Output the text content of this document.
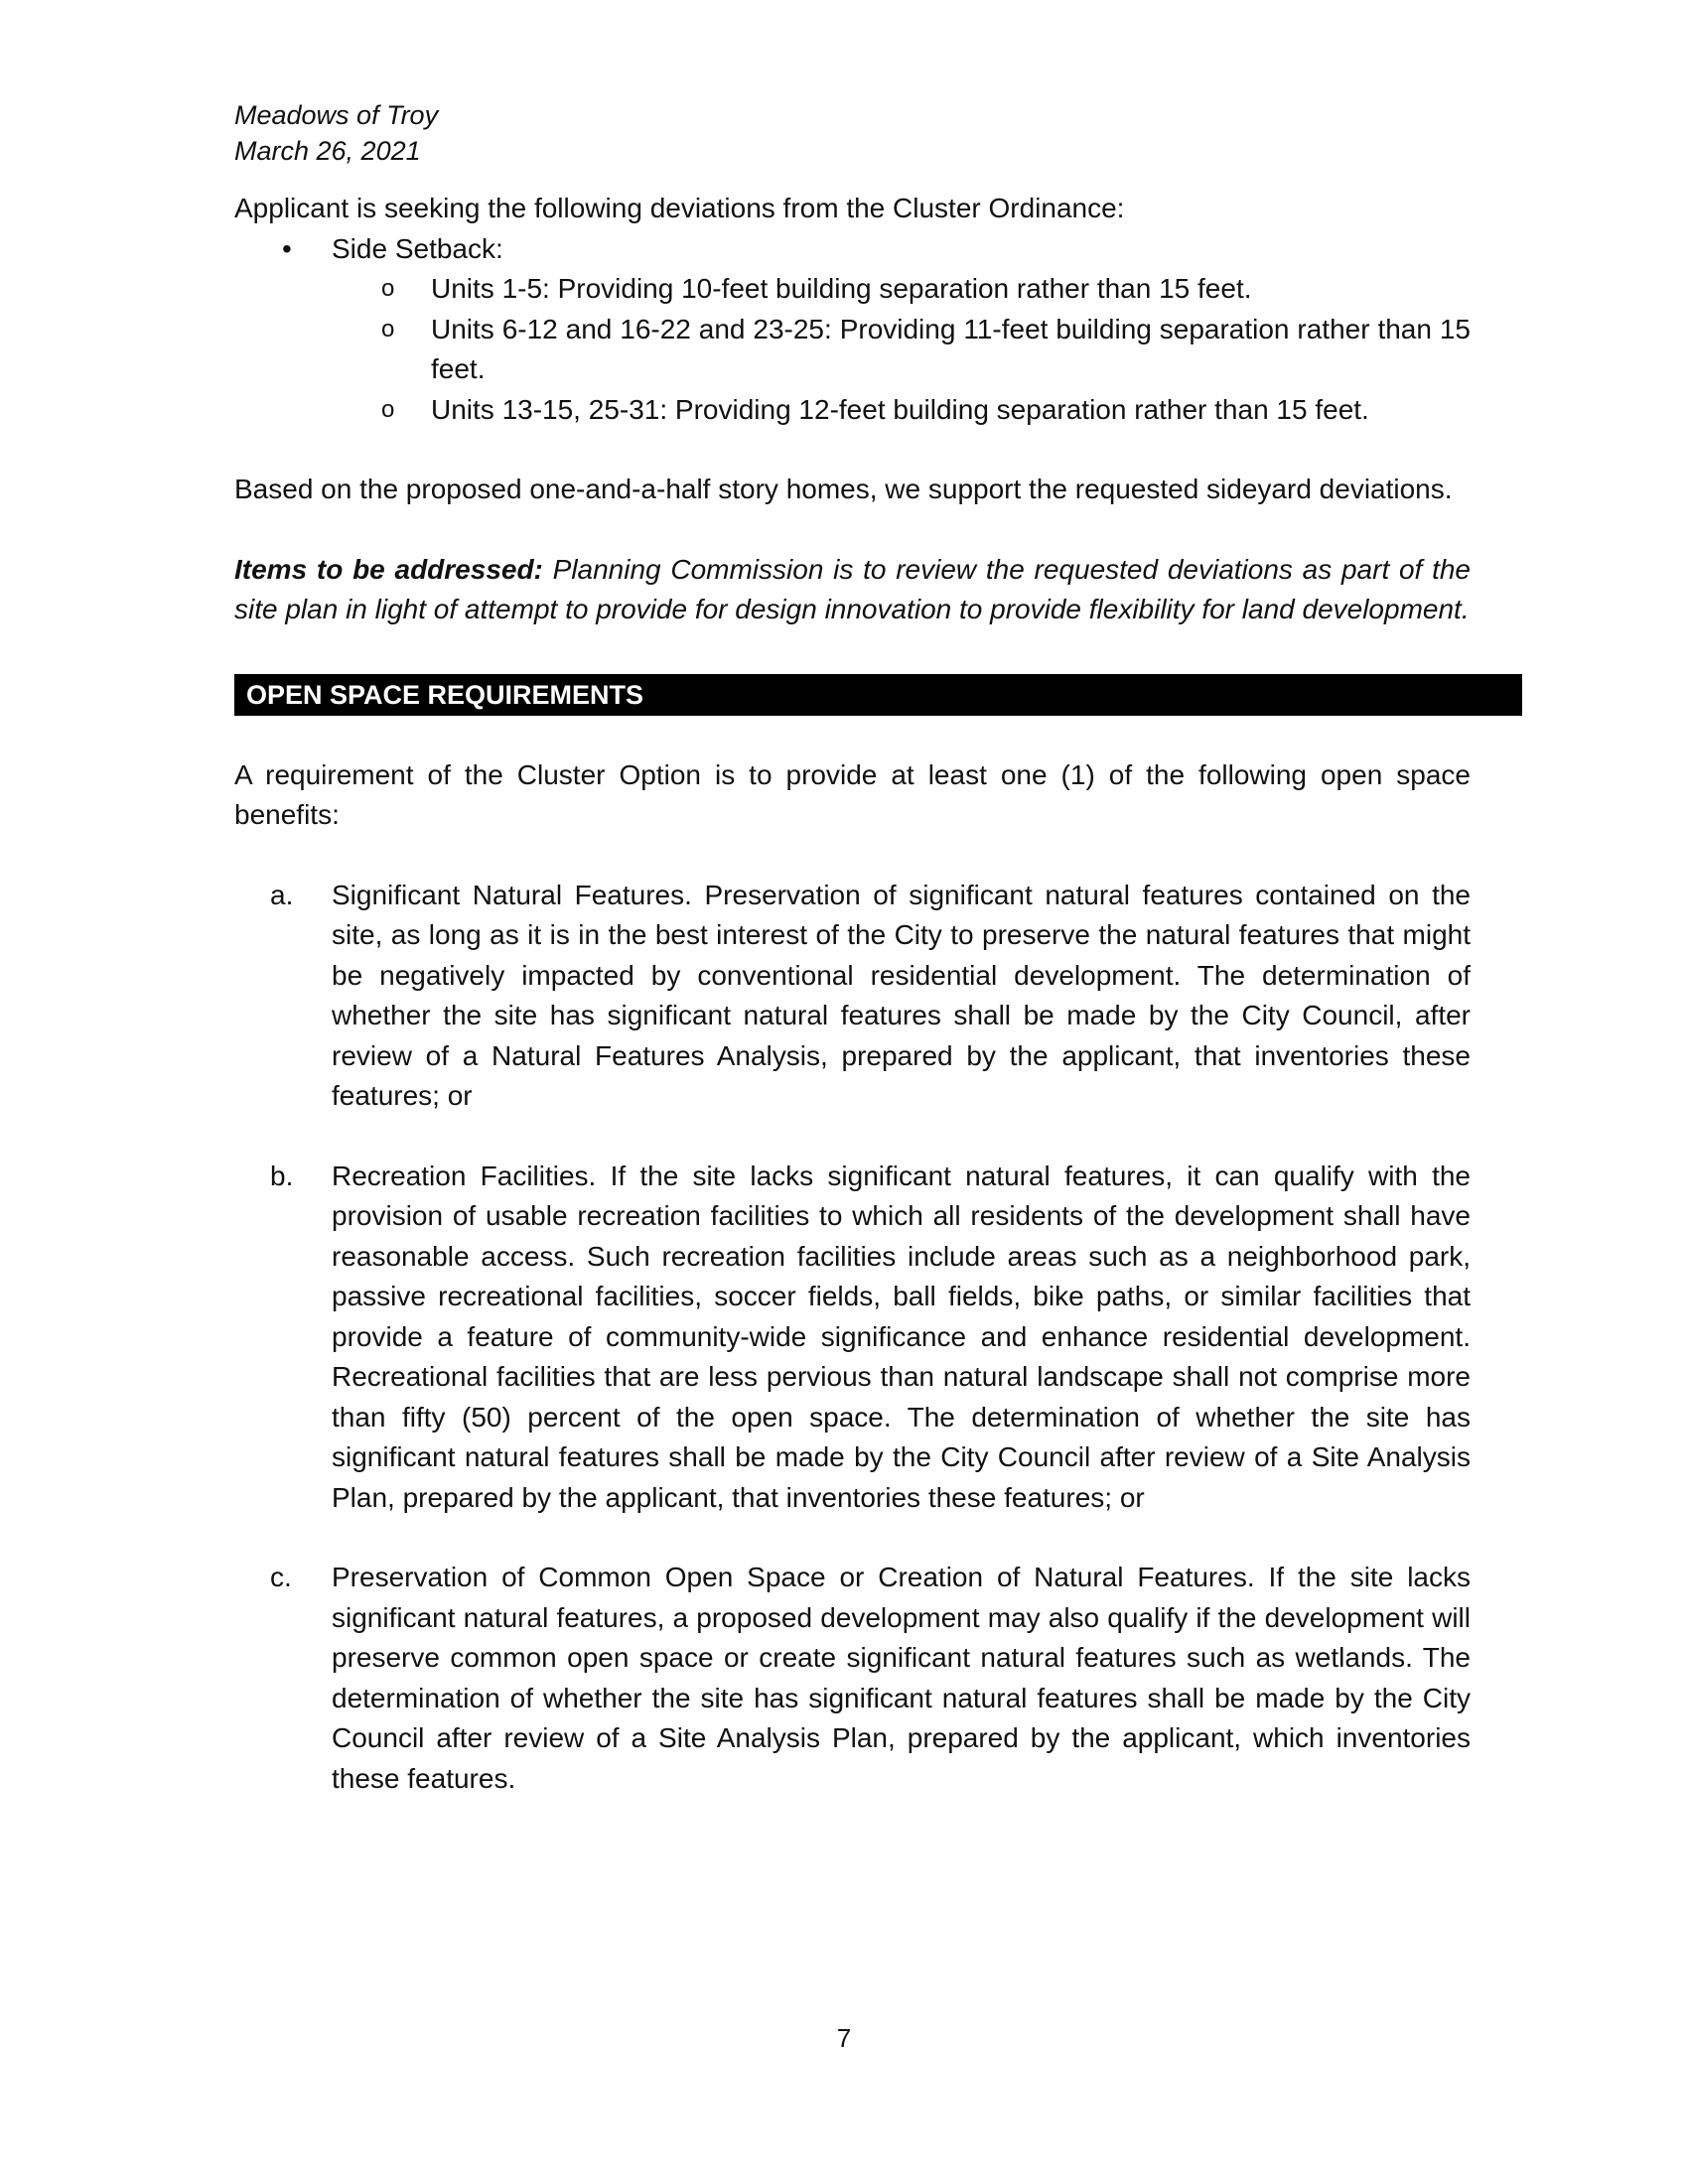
Meadows of Troy

March 26, 2021

Applicant is seeking the following deviations from the Cluster Ordinance:

• Side Setback:
o Units 1-5: Providing 10-feet building separation rather than 15 feet.
o Units 6-12 and 16-22 and 23-25: Providing 11-feet building separation rather than 15 feet.
o Units 13-15, 25-31: Providing 12-feet building separation rather than 15 feet.

Based on the proposed one-and-a-half story homes, we support the requested sideyard deviations.

Items to be addressed: Planning Commission is to review the requested deviations as part of the site plan in light of attempt to provide for design innovation to provide flexibility for land development.

OPEN SPACE REQUIREMENTS

A requirement of the Cluster Option is to provide at least one (1) of the following open space benefits:

a. Significant Natural Features. Preservation of significant natural features contained on the site, as long as it is in the best interest of the City to preserve the natural features that might be negatively impacted by conventional residential development. The determination of whether the site has significant natural features shall be made by the City Council, after review of a Natural Features Analysis, prepared by the applicant, that inventories these features; or
b. Recreation Facilities. If the site lacks significant natural features, it can qualify with the provision of usable recreation facilities to which all residents of the development shall have reasonable access. Such recreation facilities include areas such as a neighborhood park, passive recreational facilities, soccer fields, ball fields, bike paths, or similar facilities that provide a feature of community-wide significance and enhance residential development. Recreational facilities that are less pervious than natural landscape shall not comprise more than fifty (50) percent of the open space. The determination of whether the site has significant natural features shall be made by the City Council after review of a Site Analysis Plan, prepared by the applicant, that inventories these features; or
c. Preservation of Common Open Space or Creation of Natural Features. If the site lacks significant natural features, a proposed development may also qualify if the development will preserve common open space or create significant natural features such as wetlands. The determination of whether the site has significant natural features shall be made by the City Council after review of a Site Analysis Plan, prepared by the applicant, which inventories these features.
7
